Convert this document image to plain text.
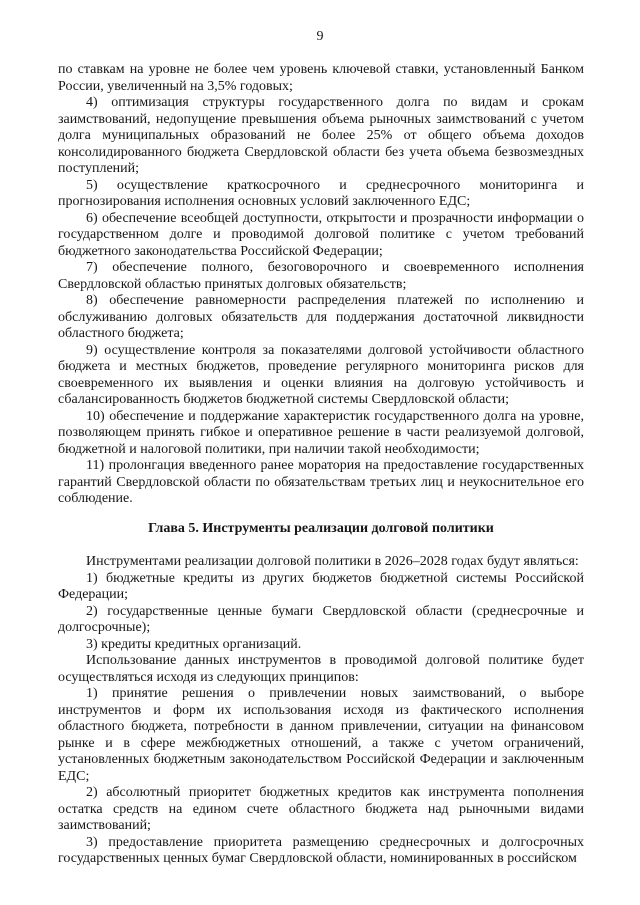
9

по ставкам на уровне не более чем уровень ключевой ставки, установленный Банком России, увеличенный на 3,5% годовых;

4) оптимизация структуры государственного долга по видам и срокам заимствований, недопущение превышения объема рыночных заимствований с учетом долга муниципальных образований не более 25% от общего объема доходов консолидированного бюджета Свердловской области без учета объема безвозмездных поступлений;

5) осуществление краткосрочного и среднесрочного мониторинга и прогнозирования исполнения основных условий заключенного ЕДС;

6) обеспечение всеобщей доступности, открытости и прозрачности информации о государственном долге и проводимой долговой политике с учетом требований бюджетного законодательства Российской Федерации;

7) обеспечение полного, безоговорочного и своевременного исполнения Свердловской областью принятых долговых обязательств;

8) обеспечение равномерности распределения платежей по исполнению и обслуживанию долговых обязательств для поддержания достаточной ликвидности областного бюджета;

9) осуществление контроля за показателями долговой устойчивости областного бюджета и местных бюджетов, проведение регулярного мониторинга рисков для своевременного их выявления и оценки влияния на долговую устойчивость и сбалансированность бюджетов бюджетной системы Свердловской области;

10) обеспечение и поддержание характеристик государственного долга на уровне, позволяющем принять гибкое и оперативное решение в части реализуемой долговой, бюджетной и налоговой политики, при наличии такой необходимости;

11) пролонгация введенного ранее моратория на предоставление государственных гарантий Свердловской области по обязательствам третьих лиц и неукоснительное его соблюдение.

Глава 5. Инструменты реализации долговой политики

Инструментами реализации долговой политики в 2026–2028 годах будут являться:

1) бюджетные кредиты из других бюджетов бюджетной системы Российской Федерации;

2) государственные ценные бумаги Свердловской области (среднесрочные и долгосрочные);

3) кредиты кредитных организаций.

Использование данных инструментов в проводимой долговой политике будет осуществляться исходя из следующих принципов:

1) принятие решения о привлечении новых заимствований, о выборе инструментов и форм их использования исходя из фактического исполнения областного бюджета, потребности в данном привлечении, ситуации на финансовом рынке и в сфере межбюджетных отношений, а также с учетом ограничений, установленных бюджетным законодательством Российской Федерации и заключенным ЕДС;

2) абсолютный приоритет бюджетных кредитов как инструмента пополнения остатка средств на едином счете областного бюджета над рыночными видами заимствований;

3) предоставление приоритета размещению среднесрочных и долгосрочных государственных ценных бумаг Свердловской области, номинированных в российском
